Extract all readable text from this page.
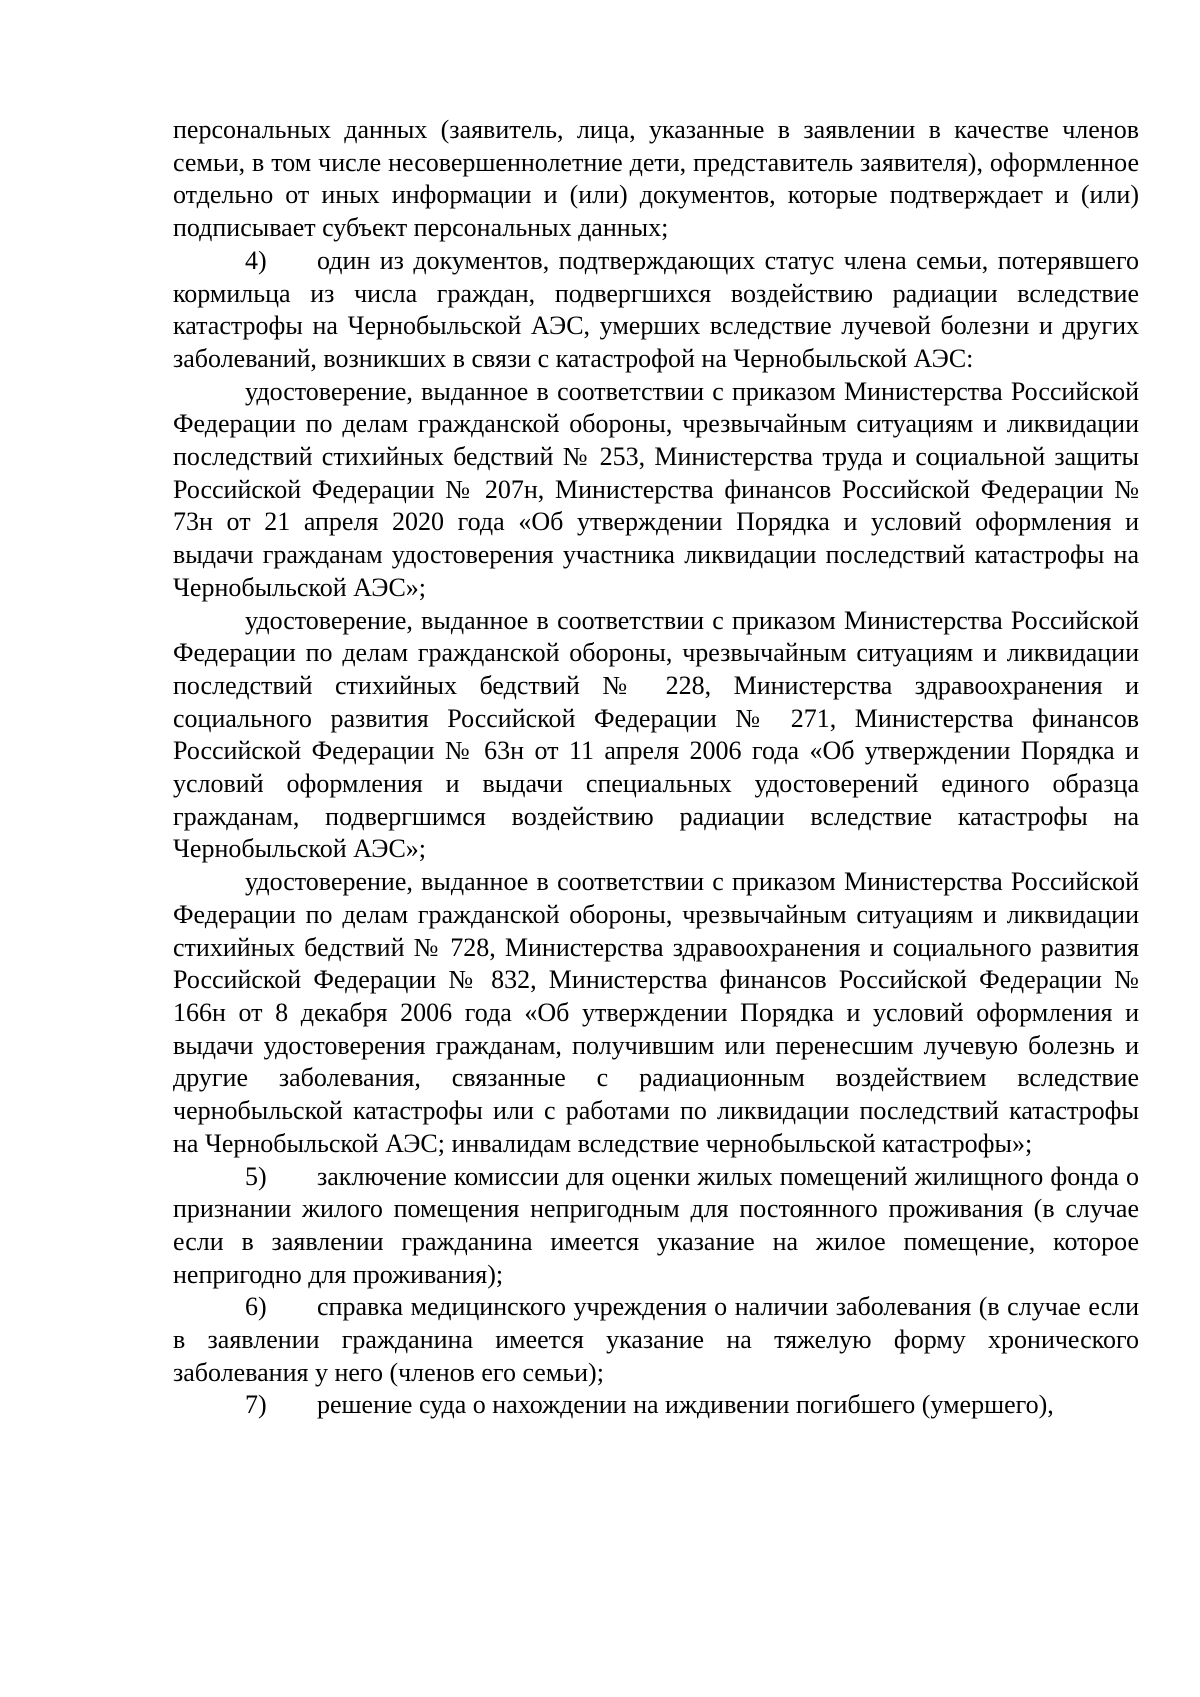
персональных данных (заявитель, лица, указанные в заявлении в качестве членов семьи, в том числе несовершеннолетние дети, представитель заявителя), оформленное отдельно от иных информации и (или) документов, которые подтверждает и (или) подписывает субъект персональных данных;

4) один из документов, подтверждающих статус члена семьи, потерявшего кормильца из числа граждан, подвергшихся воздействию радиации вследствие катастрофы на Чернобыльской АЭС, умерших вследствие лучевой болезни и других заболеваний, возникших в связи с катастрофой на Чернобыльской АЭС:

удостоверение, выданное в соответствии с приказом Министерства Российской Федерации по делам гражданской обороны, чрезвычайным ситуациям и ликвидации последствий стихийных бедствий № 253, Министерства труда и социальной защиты Российской Федерации № 207н, Министерства финансов Российской Федерации № 73н от 21 апреля 2020 года «Об утверждении Порядка и условий оформления и выдачи гражданам удостоверения участника ликвидации последствий катастрофы на Чернобыльской АЭС»;

удостоверение, выданное в соответствии с приказом Министерства Российской Федерации по делам гражданской обороны, чрезвычайным ситуациям и ликвидации последствий стихийных бедствий № 228, Министерства здравоохранения и социального развития Российской Федерации № 271, Министерства финансов Российской Федерации № 63н от 11 апреля 2006 года «Об утверждении Порядка и условий оформления и выдачи специальных удостоверений единого образца гражданам, подвергшимся воздействию радиации вследствие катастрофы на Чернобыльской АЭС»;

удостоверение, выданное в соответствии с приказом Министерства Российской Федерации по делам гражданской обороны, чрезвычайным ситуациям и ликвидации стихийных бедствий № 728, Министерства здравоохранения и социального развития Российской Федерации № 832, Министерства финансов Российской Федерации № 166н от 8 декабря 2006 года «Об утверждении Порядка и условий оформления и выдачи удостоверения гражданам, получившим или перенесшим лучевую болезнь и другие заболевания, связанные с радиационным воздействием вследствие чернобыльской катастрофы или с работами по ликвидации последствий катастрофы на Чернобыльской АЭС; инвалидам вследствие чернобыльской катастрофы»;

5) заключение комиссии для оценки жилых помещений жилищного фонда о признании жилого помещения непригодным для постоянного проживания (в случае если в заявлении гражданина имеется указание на жилое помещение, которое непригодно для проживания);

6) справка медицинского учреждения о наличии заболевания (в случае если в заявлении гражданина имеется указание на тяжелую форму хронического заболевания у него (членов его семьи);

7) решение суда о нахождении на иждивении погибшего (умершего),
